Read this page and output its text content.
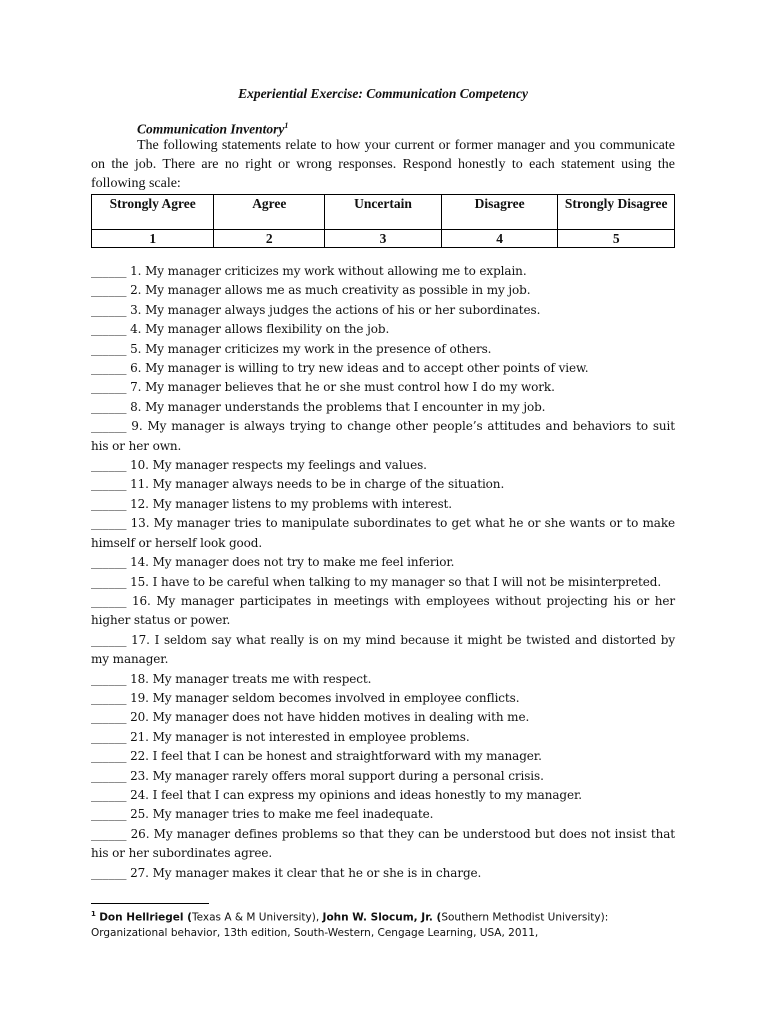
Experiential Exercise: Communication Competency
Communication Inventory$^1$
The following statements relate to how your current or former manager and you communicate on the job. There are no right or wrong responses. Respond honestly to each statement using the following scale:
Strongly Agree	Agree	Uncertain	Disagree	Strongly Disagree
1	2	3	4	5

______ 1. My manager criticizes my work without allowing me to explain.

______ 2. My manager allows me as much creativity as possible in my job.

______ 3. My manager always judges the actions of his or her subordinates.

______ 4. My manager allows flexibility on the job.

______ 5. My manager criticizes my work in the presence of others.

______ 6. My manager is willing to try new ideas and to accept other points of view.

______ 7. My manager believes that he or she must control how I do my work.

______ 8. My manager understands the problems that I encounter in my job.

______ 9. My manager is always trying to change other people’s attitudes and behaviors to suit his or her own.

______ 10. My manager respects my feelings and values.

______ 11. My manager always needs to be in charge of the situation.

______ 12. My manager listens to my problems with interest.

______ 13. My manager tries to manipulate subordinates to get what he or she wants or to make himself or herself look good.

______ 14. My manager does not try to make me feel inferior.

______ 15. I have to be careful when talking to my manager so that I will not be misinterpreted.

______ 16. My manager participates in meetings with employees without projecting his or her higher status or power.

______ 17. I seldom say what really is on my mind because it might be twisted and distorted by my manager.

______ 18. My manager treats me with respect.

______ 19. My manager seldom becomes involved in employee conflicts.

______ 20. My manager does not have hidden motives in dealing with me.

______ 21. My manager is not interested in employee problems.

______ 22. I feel that I can be honest and straightforward with my manager.

______ 23. My manager rarely offers moral support during a personal crisis.

______ 24. I feel that I can express my opinions and ideas honestly to my manager.

______ 25. My manager tries to make me feel inadequate.

______ 26. My manager defines problems so that they can be understood but does not insist that his or her subordinates agree.

______ 27. My manager makes it clear that he or she is in charge.

$^1$ Don Hellriegel (Texas A & M University), John W. Slocum, Jr. (Southern Methodist University): Organizational behavior, 13th edition, South-Western, Cengage Learning, USA, 2011,
